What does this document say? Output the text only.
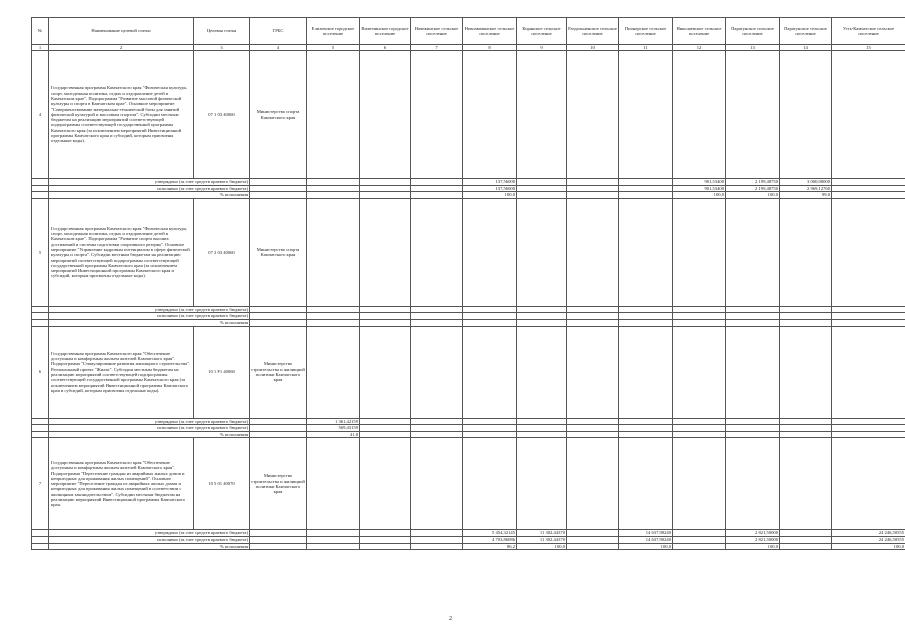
№	Наименование целевой статьи	Целевая статья	ГРБС	Елизовское городское поселение	Вилючинское городское поселение	Начикинское сельское поселение	Новоавачинское сельское поселение	Корякское сельское поселение	Раздольненское сельское поселение	Пионерское сельское поселение	Николаевское сельское поселение	Паратунское сельское поселение	Паратунское сельское поселение	Усть-Камчатское сельское поселение
1	2	3	4	5	6	7	8	9	10	11	12	13	14	15
4	Государственная программа Камчатского края "Физическая культура, спорт, молодежная политика, отдых и оздоровление детей в Камчатском крае". Подпрограмма "Развитие массовой физической культуры и спорта в Камчатском крае". Основное мероприятие "Совершенствование материально-технической базы для занятий физической культурой и массовым спортом". Субсидии местным бюджетам на реализацию мероприятий соответствующей подпрограммы соответствующей государственной программы Камчатского края (за исключением мероприятий Инвестиционной программы Камчатского края и субсидий, которым присвоены отдельные коды).	07 1 03 40060	Министерство спорта Камчатского края											
	утверждено (за счет средств краевого бюджета)						137,56000				901,53400	2 199,48750	3 000,00000	
	исполнено (за счет средств краевого бюджета)						137,56000				901,53400	2 199,48750	2 969,12760	
	% исполнения						100,0				100,0	100,0	99,0	
5	Государственная программа Камчатского края "Физическая культура, спорт, молодежная политика, отдых и оздоровление детей в Камчатском крае". Подпрограмма "Развитие спорта высших достижений и системы подготовки спортивного резерва". Основное мероприятие "Управление кадровым потенциалом в сфере физической культуры и спорта". Субсидии местным бюджетам на реализацию мероприятий соответствующей подпрограммы соответствующей государственной программы Камчатского края (за исключением мероприятий Инвестиционной программы Камчатского края и субсидий, которым присвоены отдельные коды).	07 2 03 40060	Министерство спорта Камчатского края											
	утверждено (за счет средств краевого бюджета)													
	исполнено (за счет средств краевого бюджета)													
	% исполнения													
6	Государственная программа Камчатского края "Обеспечение доступным и комфортным жильем жителей Камчатского края". Подпрограмма "Стимулирование развития жилищного строительства". Региональный проект "Жилье". Субсидии местным бюджетам на реализацию мероприятий соответствующей подпрограммы соответствующей государственной программы Камчатского края (за исключением мероприятий Инвестиционной программы Камчатского края и субсидий, которым присвоены отдельные коды).	10 1 F1 40060	Министерство строительства и жилищной политики Камчатского края											
	утверждено (за счет средств краевого бюджета)			1 361,42159										
	исполнено (за счет средств краевого бюджета)			569,43159										
	% исполнения			41,8										
7	Государственная программа Камчатского края "Обеспечение доступным и комфортным жильем жителей Камчатского края". Подпрограмма "Переселение граждан из аварийных жилых домов и непригодных для проживания жилых помещений". Основное мероприятие "Переселение граждан из аварийных жилых домов и непригодных для проживания жилых помещений в соответствии с жилищным законодательством". Субсидии местным бюджетам на реализацию мероприятий Инвестиционной программы Камчатского края.	10 5 01 40070	Министерство строительства и жилищной политики Камчатского края											
	утверждено (за счет средств краевого бюджета)						5 454,32145	11 302,44370		14 637,90240		2 821,50000		24 246,50555
	исполнено (за счет средств краевого бюджета)						4 703,86086	11 302,44370		14 637,90240		2 821,50000		24 246,50555
	% исполнения						86,2	100,0		100,0		100,0		100,0
2
